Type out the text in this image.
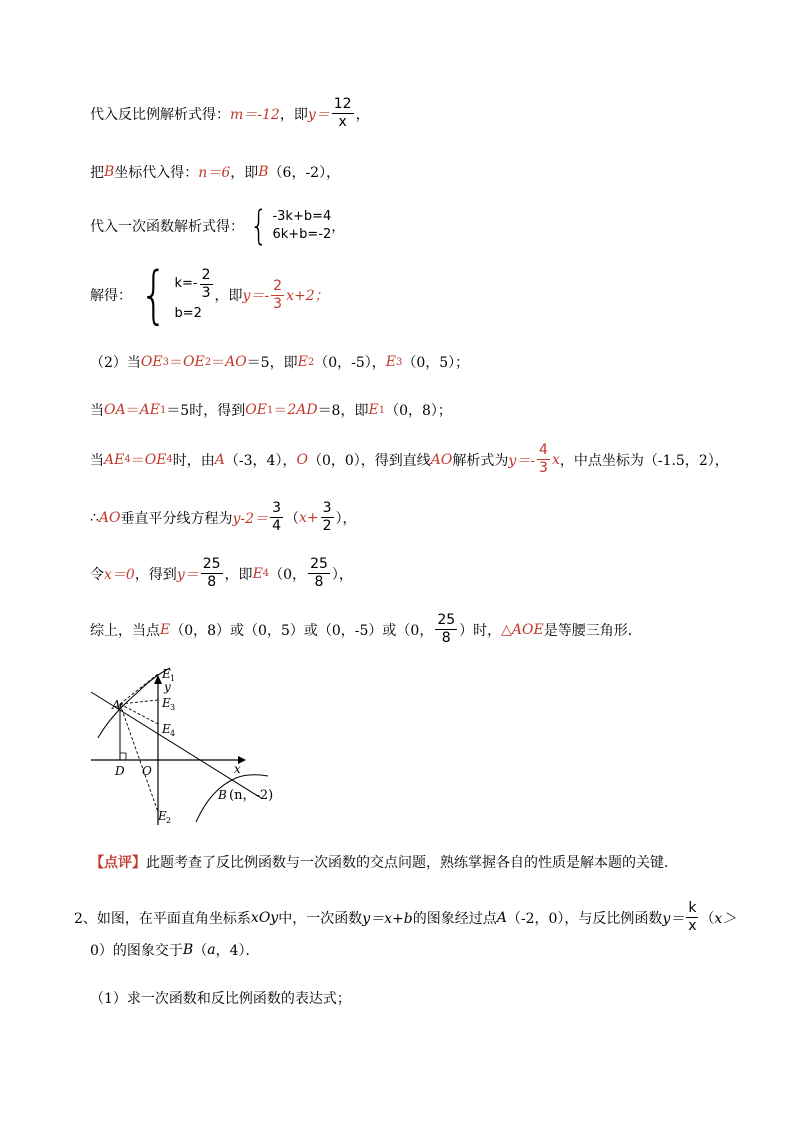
代入反比例解析式得： m＝-12 ，即 $y= \frac{12}{x}$ ，
把 B 坐标代入得： n＝6 ，即 B （6，-2），
代入一次函数解析式得： { -3k+b=4
6k+b=-2 ，
解得： { $k=- \frac{2}{3}$
b=2
，即 $y=- \frac{2}{3} x+2$；
（2）当 OE 3 ＝ OE 2 ＝ AO ＝5，即 E 2 （0，-5）， E 3 （0，5）；
当 OA ＝ AE 1 ＝5时，得到 OE 1 ＝ 2AD ＝8，即 E 1 （0，8）；
当 AE 4 ＝ OE 4 时，由 A （-3，4）， O （0，0），得到直线 AO 解析式为 $y=- \frac{4}{3}$ x ，中点坐标为（-1.5，2），
∴ AO 垂直平分线方程为 $y-2= \frac{3}{4}$ （ $x+ \frac{3}{2}$ ），
令 x＝0 ，得到 $y= \frac{25}{8}$ ，即 E 4 （0， $\frac{25}{8}$ ），
综上，当点 E （0，8）或（0，5）或（0，-5）或（0， $\frac{25}{8}$ ）时， △AOE 是等腰三角形．
E 1
y
A	E 3
E 4
D O	x
B (n，-2)
E 2
【点评】 此题考查了反比例函数与一次函数的交点问题，熟练掌握各自的性质是解本题的关键．
2、如图，在平面直角坐标系 xOy 中，一次函数 y＝x+b 的图象经过点 A （-2，0），与反比例函数 $y= \frac{k}{x}$ （ x＞
0）的图象交于 B （ a ，4）．
（1）求一次函数和反比例函数的表达式；
